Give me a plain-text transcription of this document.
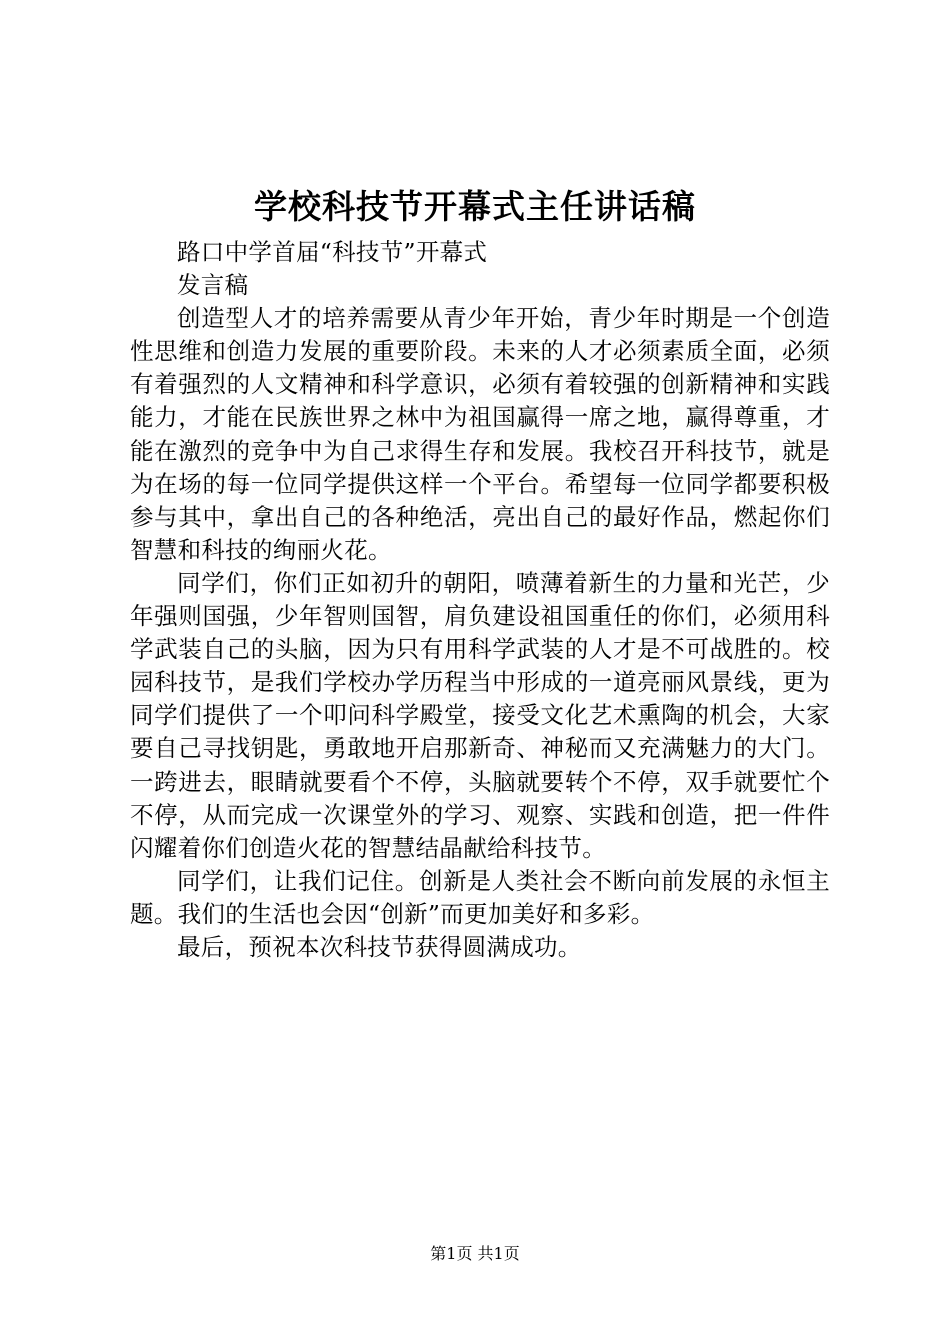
学校科技节开幕式主任讲话稿

路口中学首届“科技节”开幕式

发言稿

创造型人才的培养需要从青少年开始，青少年时期是一个创造性思维和创造力发展的重要阶段。未来的人才必须素质全面，必须有着强烈的人文精神和科学意识，必须有着较强的创新精神和实践能力，才能在民族世界之林中为祖国赢得一席之地，赢得尊重，才能在激烈的竞争中为自己求得生存和发展。我校召开科技节，就是为在场的每一位同学提供这样一个平台。希望每一位同学都要积极参与其中，拿出自己的各种绝活，亮出自己的最好作品，燃起你们智慧和科技的绚丽火花。

同学们，你们正如初升的朝阳，喷薄着新生的力量和光芒，少年强则国强，少年智则国智，肩负建设祖国重任的你们，必须用科学武装自己的头脑，因为只有用科学武装的人才是不可战胜的。校园科技节，是我们学校办学历程当中形成的一道亮丽风景线，更为同学们提供了一个叩问科学殿堂，接受文化艺术熏陶的机会，大家要自己寻找钥匙，勇敢地开启那新奇、神秘而又充满魅力的大门。一跨进去，眼睛就要看个不停，头脑就要转个不停，双手就要忙个不停，从而完成一次课堂外的学习、观察、实践和创造，把一件件闪耀着你们创造火花的智慧结晶献给科技节。

同学们，让我们记住。创新是人类社会不断向前发展的永恒主题。我们的生活也会因“创新”而更加美好和多彩。

最后，预祝本次科技节获得圆满成功。

第1页 共1页
